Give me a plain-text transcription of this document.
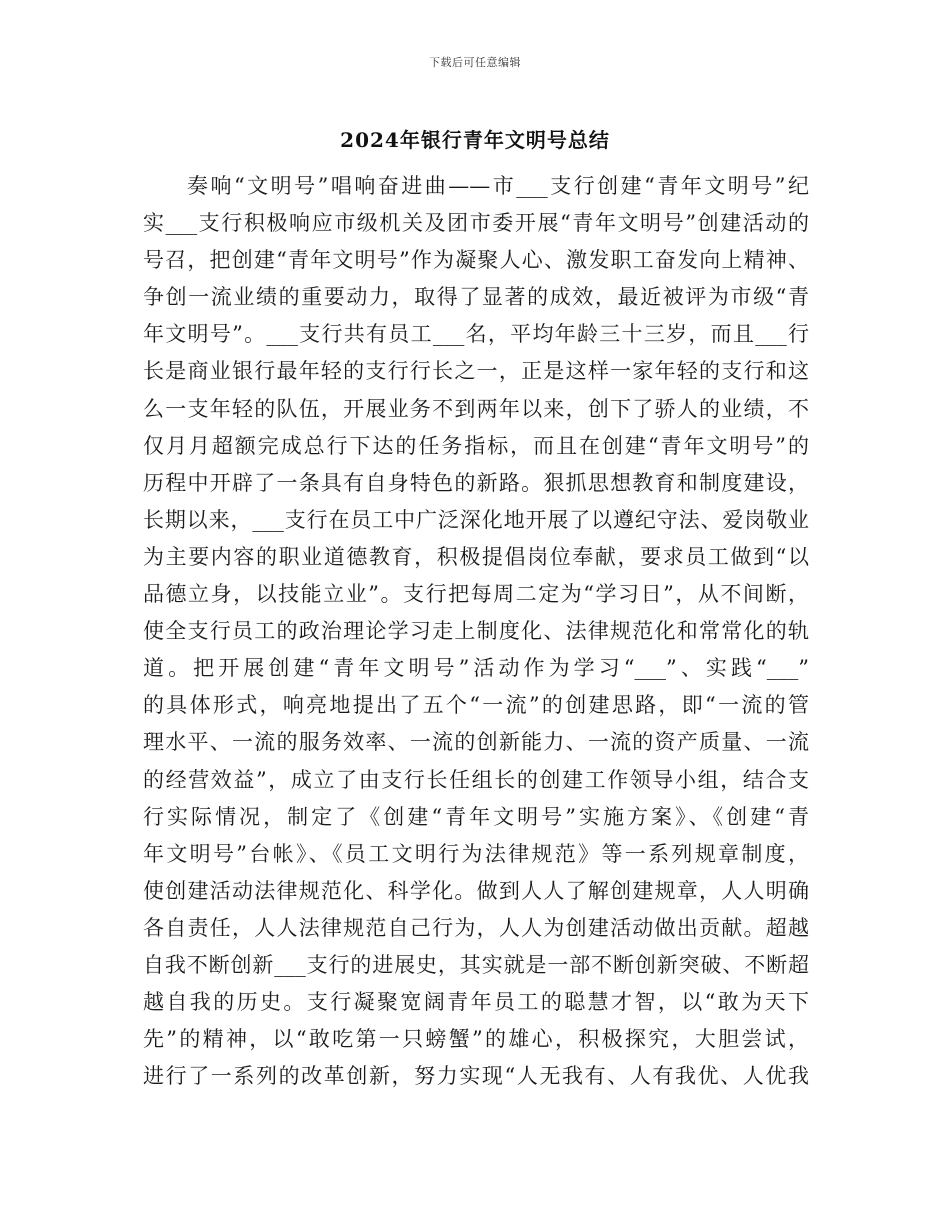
下载后可任意编辑
2024年银行青年文明号总结
奏响“文明号”唱响奋进曲——市___支行创建“青年文明号”纪
实___支行积极响应市级机关及团市委开展“青年文明号”创建活动的
号召，把创建“青年文明号”作为凝聚人心、激发职工奋发向上精神、
争创一流业绩的重要动力，取得了显著的成效，最近被评为市级“青
年文明号”。___支行共有员工___名，平均年龄三十三岁，而且___行
长是商业银行最年轻的支行行长之一，正是这样一家年轻的支行和这
么一支年轻的队伍，开展业务不到两年以来，创下了骄人的业绩，不
仅月月超额完成总行下达的任务指标，而且在创建“青年文明号”的
历程中开辟了一条具有自身特色的新路。狠抓思想教育和制度建设，
长期以来，___支行在员工中广泛深化地开展了以遵纪守法、爱岗敬业
为主要内容的职业道德教育，积极提倡岗位奉献，要求员工做到“以
品德立身，以技能立业”。支行把每周二定为“学习日”，从不间断，
使全支行员工的政治理论学习走上制度化、法律规范化和常常化的轨
道。把开展创建“青年文明号”活动作为学习“___”、实践“___”
的具体形式，响亮地提出了五个“一流”的创建思路，即“一流的管
理水平、一流的服务效率、一流的创新能力、一流的资产质量、一流
的经营效益”，成立了由支行长任组长的创建工作领导小组，结合支
行实际情况，制定了《创建“青年文明号”实施方案》、《创建“青
年文明号”台帐》、《员工文明行为法律规范》等一系列规章制度，
使创建活动法律规范化、科学化。做到人人了解创建规章，人人明确
各自责任，人人法律规范自己行为，人人为创建活动做出贡献。超越
自我不断创新___支行的进展史，其实就是一部不断创新突破、不断超
越自我的历史。支行凝聚宽阔青年员工的聪慧才智，以“敢为天下
先”的精神，以“敢吃第一只螃蟹”的雄心，积极探究，大胆尝试，
进行了一系列的改革创新，努力实现“人无我有、人有我优、人优我
